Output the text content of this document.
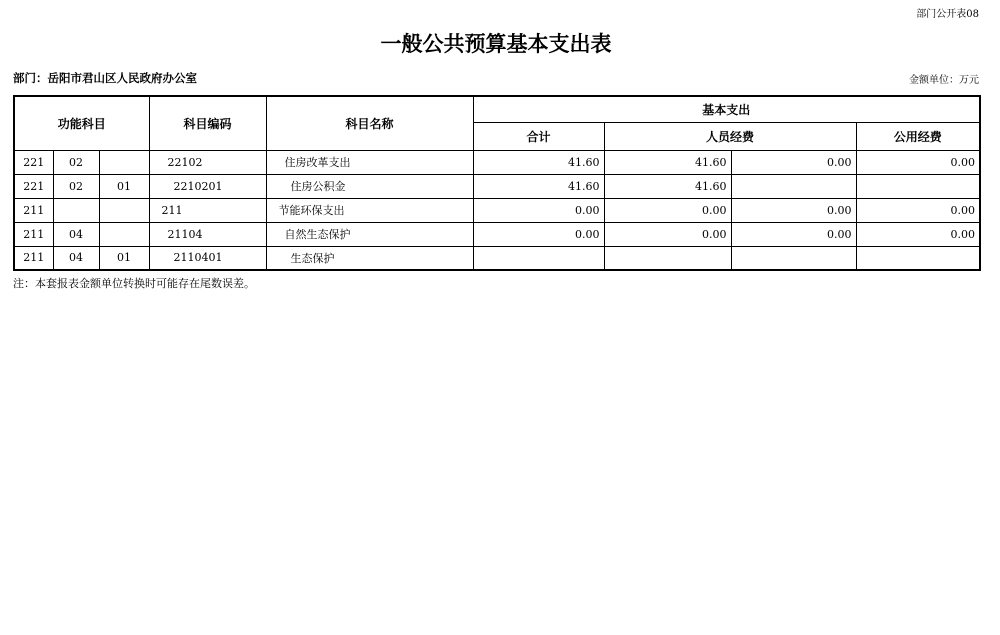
部门公开表08
一般公共预算基本支出表
部门：岳阳市君山区人民政府办公室	金额单位：万元
功能科目			科目编码	科目名称	基本支出			
					合计	人员经费		公用经费
221	02		22102	住房改革支出	41.60	41.60	0.00	0.00
221	02	01	2210201	住房公积金	41.60	41.60		
211			211	节能环保支出	0.00	0.00	0.00	0.00
211	04		21104	自然生态保护	0.00	0.00	0.00	0.00
211	04	01	2110401	生态保护				
注：本套报表金额单位转换时可能存在尾数误差。
